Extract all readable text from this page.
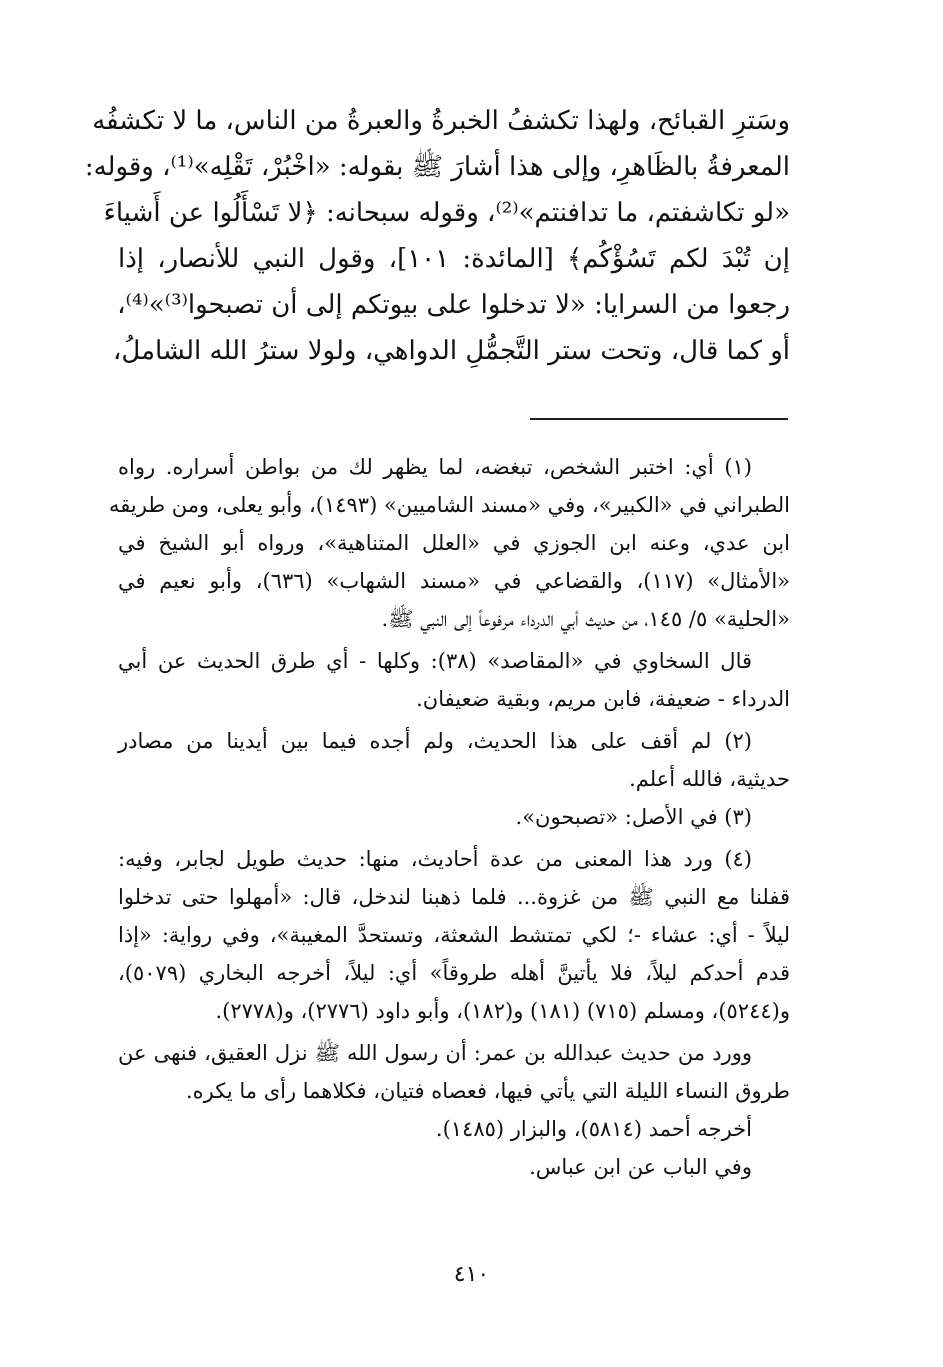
وسَترِ القبائح، ولهذا تكشفُ الخبرةُ والعبرةُ من الناس، ما لا تكشفُه
المعرفةُ بالظَاهرِ، وإلى هذا أشارَ ﷺ بقوله: «اخْبُرْ، تَقْلِه»⁽¹⁾، وقوله:
«لو تكاشفتم، ما تدافنتم»⁽²⁾، وقوله سبحانه: ﴿لا تَسْأَلُوا عن أَشياءَ
إن تُبْدَ لكم تَسُؤْكُم﴾ [المائدة: ١٠١]، وقول النبي للأنصار، إذا
رجعوا من السرايا: «لا تدخلوا على بيوتكم إلى أن تصبحوا⁽³⁾»⁽⁴⁾،
أو كما قال، وتحت ستر التَّجمُّلِ الدواهي، ولولا سترُ الله الشاملُ،
(١) أي: اختبر الشخص، تبغضه، لما يظهر لك من بواطن أسراره. رواه
الطبراني في «الكبير»، وفي «مسند الشاميين» (١٤٩٣)، وأبو يعلى، ومن طريقه
ابن عدي، وعنه ابن الجوزي في «العلل المتناهية»، ورواه أبو الشيخ في
«الأمثال» (١١٧)، والقضاعي في «مسند الشهاب» (٦٣٦)، وأبو نعيم في
«الحلية» ٥/ ١٤٥، من حديث أبي الدرداء مرفوعاً إلى النبي ﷺ.
قال السخاوي في «المقاصد» (٣٨): وكلها - أي طرق الحديث عن أبي
الدرداء - ضعيفة، فابن مريم، وبقية ضعيفان.
(٢) لم أقف على هذا الحديث، ولم أجده فيما بين أيدينا من مصادر
حديثية، فالله أعلم.
(٣) في الأصل: «تصبحون».
(٤) ورد هذا المعنى من عدة أحاديث، منها: حديث طويل لجابر، وفيه:
قفلنا مع النبي ﷺ من غزوة... فلما ذهبنا لندخل، قال: «أمهلوا حتى تدخلوا
ليلاً - أي: عشاء -؛ لكي تمتشط الشعثة، وتستحدَّ المغيبة»، وفي رواية: «إذا
قدم أحدكم ليلاً، فلا يأتينَّ أهله طروقاً» أي: ليلاً، أخرجه البخاري (٥٠٧٩)،
و(٥٢٤٤)، ومسلم (٧١٥) (١٨١) و(١٨٢)، وأبو داود (٢٧٧٦)، و(٢٧٧٨).
وورد من حديث عبدالله بن عمر: أن رسول الله ﷺ نزل العقيق، فنهى عن
طروق النساء الليلة التي يأتي فيها، فعصاه فتيان، فكلاهما رأى ما يكره.
أخرجه أحمد (٥٨١٤)، والبزار (١٤٨٥).
وفي الباب عن ابن عباس.
٤١٠
